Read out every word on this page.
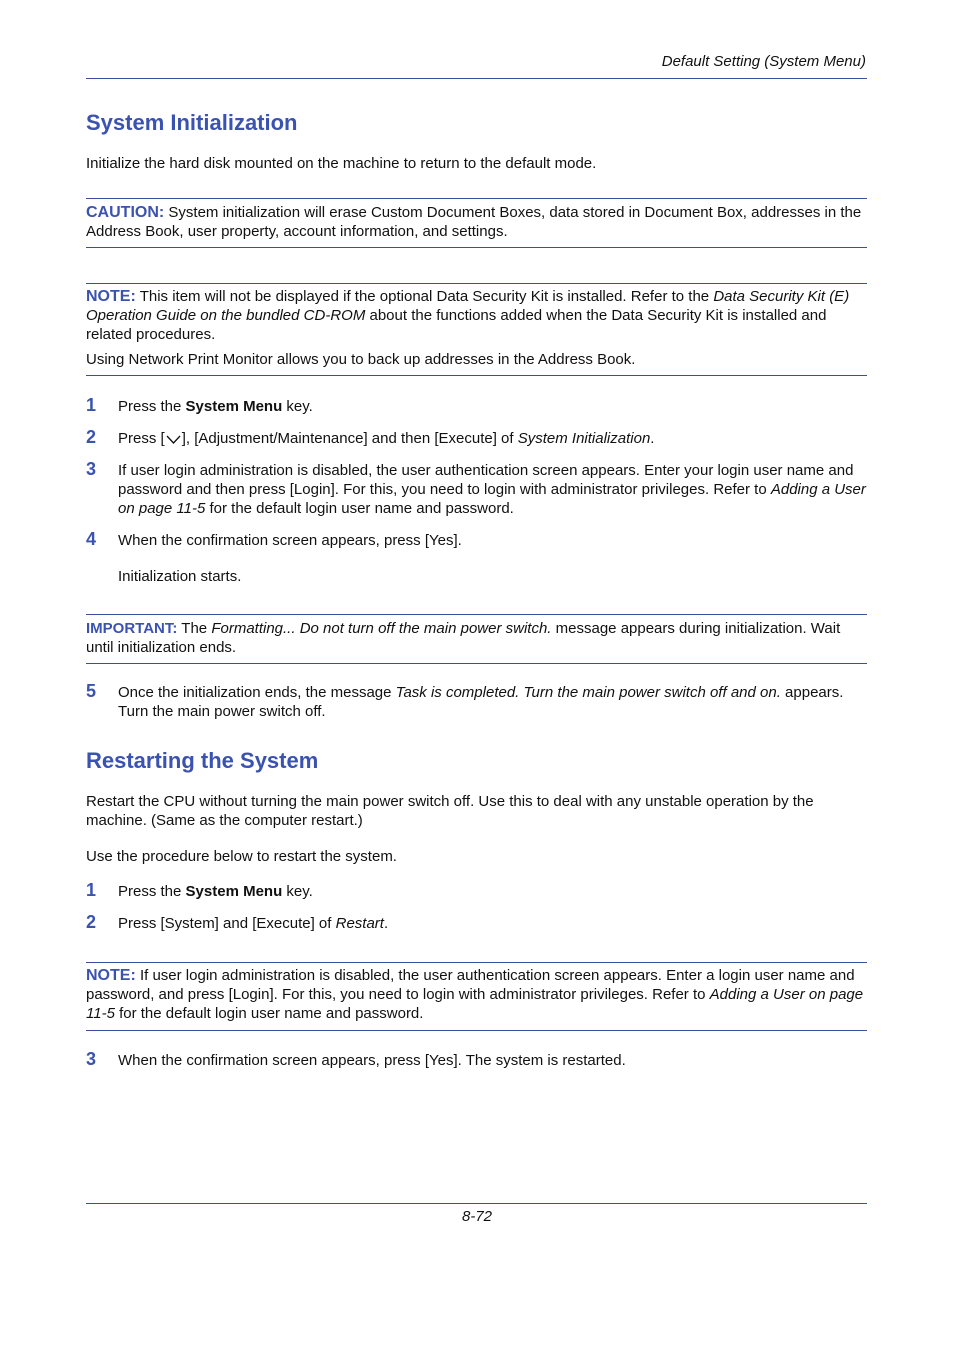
Default Setting (System Menu)
System Initialization
Initialize the hard disk mounted on the machine to return to the default mode.
CAUTION: System initialization will erase Custom Document Boxes, data stored in Document Box, addresses in the Address Book, user property, account information, and settings.
NOTE: This item will not be displayed if the optional Data Security Kit is installed. Refer to the Data Security Kit (E) Operation Guide on the bundled CD-ROM about the functions added when the Data Security Kit is installed and related procedures.
Using Network Print Monitor allows you to back up addresses in the Address Book.
1 Press the System Menu key.
2 Press [ ], [Adjustment/Maintenance] and then [Execute] of System Initialization.
3 If user login administration is disabled, the user authentication screen appears. Enter your login user name and password and then press [Login]. For this, you need to login with administrator privileges. Refer to Adding a User on page 11-5 for the default login user name and password.
4 When the confirmation screen appears, press [Yes].
Initialization starts.
IMPORTANT: The Formatting... Do not turn off the main power switch. message appears during initialization. Wait until initialization ends.
5 Once the initialization ends, the message Task is completed. Turn the main power switch off and on. appears. Turn the main power switch off.
Restarting the System
Restart the CPU without turning the main power switch off. Use this to deal with any unstable operation by the machine. (Same as the computer restart.)
Use the procedure below to restart the system.
1 Press the System Menu key.
2 Press [System] and [Execute] of Restart.
NOTE: If user login administration is disabled, the user authentication screen appears. Enter a login user name and password, and press [Login]. For this, you need to login with administrator privileges. Refer to Adding a User on page 11-5 for the default login user name and password.
3 When the confirmation screen appears, press [Yes]. The system is restarted.
8-72
